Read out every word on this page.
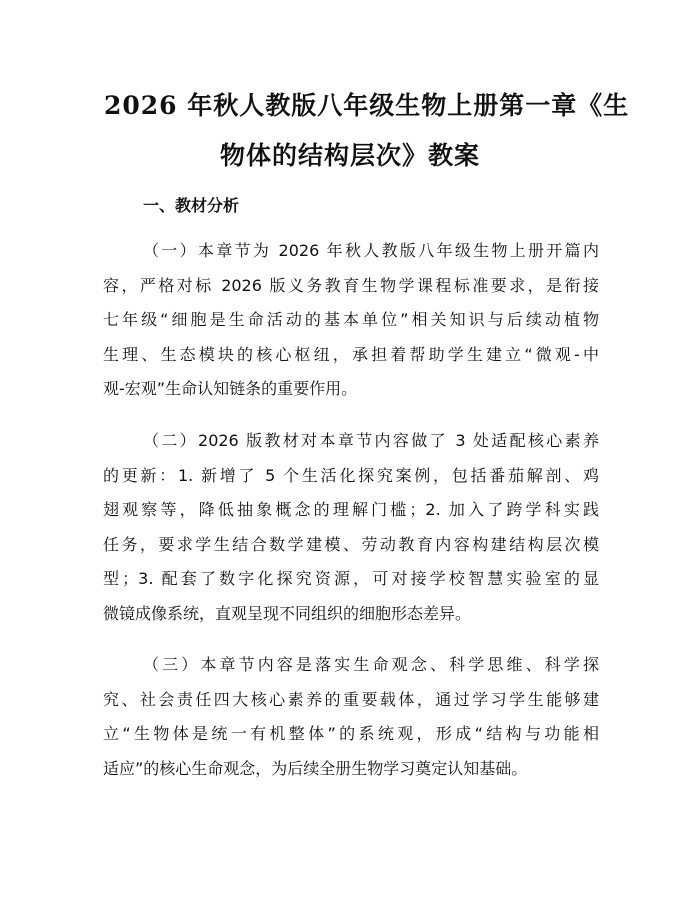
2026 年秋人教版八年级生物上册第一章《生
物体的结构层次》教案
一、教材分析
（一）本章节为 2026 年秋人教版八年级生物上册开篇内
容，严格对标 2026 版义务教育生物学课程标准要求，是衔接
七年级“细胞是生命活动的基本单位”相关知识与后续动植物
生理、生态模块的核心枢纽，承担着帮助学生建立“微观-中
观-宏观”生命认知链条的重要作用。
（二）2026 版教材对本章节内容做了 3 处适配核心素养
的更新：1. 新增了 5 个生活化探究案例，包括番茄解剖、鸡
翅观察等，降低抽象概念的理解门槛；2. 加入了跨学科实践
任务，要求学生结合数学建模、劳动教育内容构建结构层次模
型；3. 配套了数字化探究资源，可对接学校智慧实验室的显
微镜成像系统，直观呈现不同组织的细胞形态差异。
（三）本章节内容是落实生命观念、科学思维、科学探
究、社会责任四大核心素养的重要载体，通过学习学生能够建
立“生物体是统一有机整体”的系统观，形成“结构与功能相
适应”的核心生命观念，为后续全册生物学习奠定认知基础。
